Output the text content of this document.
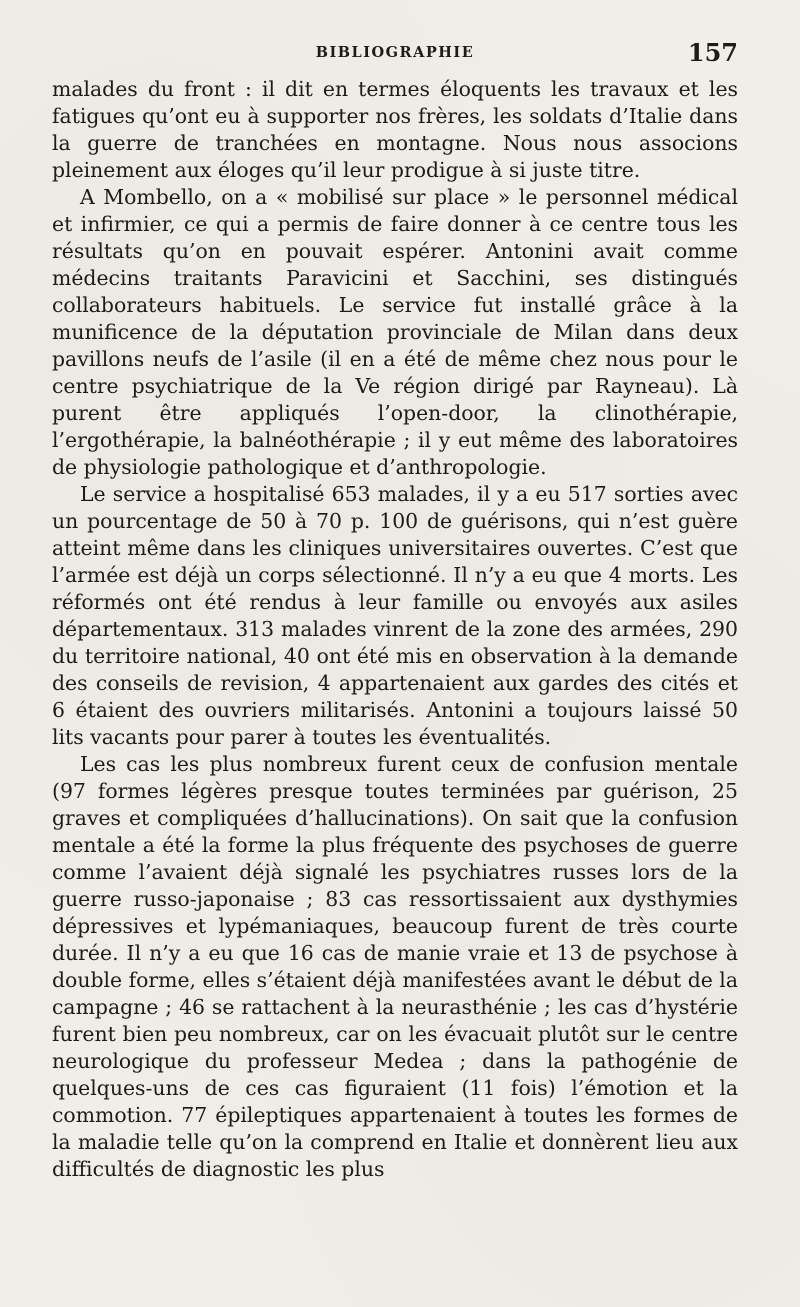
BIBLIOGRAPHIE	157

malades du front : il dit en termes éloquents les travaux et les fatigues qu’ont eu à supporter nos frères, les soldats d’Italie dans la guerre de tranchées en montagne. Nous nous associons pleinement aux éloges qu’il leur prodigue à si juste titre.

A Mombello, on a « mobilisé sur place » le personnel médical et infirmier, ce qui a permis de faire donner à ce centre tous les résultats qu’on en pouvait espérer. Antonini avait comme médecins traitants Paravicini et Sacchini, ses distingués collaborateurs habituels. Le service fut installé grâce à la munificence de la députation provinciale de Milan dans deux pavillons neufs de l’asile (il en a été de même chez nous pour le centre psychiatrique de la Ve région dirigé par Rayneau). Là purent être appliqués l’open-door, la clinothérapie, l’ergothérapie, la balnéothérapie ; il y eut même des laboratoires de physiologie pathologique et d’anthropologie.

Le service a hospitalisé 653 malades, il y a eu 517 sorties avec un pourcentage de 50 à 70 p. 100 de guérisons, qui n’est guère atteint même dans les cliniques universitaires ouvertes. C’est que l’armée est déjà un corps sélectionné. Il n’y a eu que 4 morts. Les réformés ont été rendus à leur famille ou envoyés aux asiles départementaux. 313 malades vinrent de la zone des armées, 290 du territoire national, 40 ont été mis en observation à la demande des conseils de revision, 4 appartenaient aux gardes des cités et 6 étaient des ouvriers militarisés. Antonini a toujours laissé 50 lits vacants pour parer à toutes les éventualités.

Les cas les plus nombreux furent ceux de confusion mentale (97 formes légères presque toutes terminées par guérison, 25 graves et compliquées d’hallucinations). On sait que la confusion mentale a été la forme la plus fréquente des psychoses de guerre comme l’avaient déjà signalé les psychiatres russes lors de la guerre russo-japonaise ; 83 cas ressortissaient aux dysthymies dépressives et lypémaniaques, beaucoup furent de très courte durée. Il n’y a eu que 16 cas de manie vraie et 13 de psychose à double forme, elles s’étaient déjà manifestées avant le début de la campagne ; 46 se rattachent à la neurasthénie ; les cas d’hystérie furent bien peu nombreux, car on les évacuait plutôt sur le centre neurologique du professeur Medea ; dans la pathogénie de quelques-uns de ces cas figuraient (11 fois) l’émotion et la commotion. 77 épileptiques appartenaient à toutes les formes de la maladie telle qu’on la comprend en Italie et donnèrent lieu aux difficultés de diagnostic les plus
